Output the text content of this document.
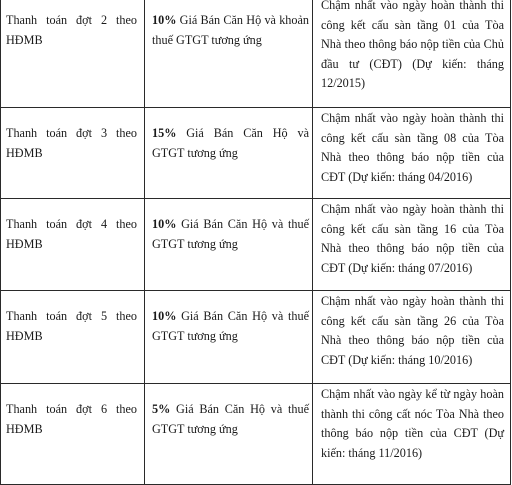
Thanh toán đợt 2 theo HĐMB	10% Giá Bán Căn Hộ và khoản thuế GTGT tương ứng	Chậm nhất vào ngày hoàn thành thi công kết cấu sàn tầng 01 của Tòa Nhà theo thông báo nộp tiền của Chủ đầu tư (CĐT) (Dự kiến: tháng 12/2015)

Thanh toán đợt 3 theo HĐMB	15% Giá Bán Căn Hộ và GTGT tương ứng	Chậm nhất vào ngày hoàn thành thi công kết cấu sàn tầng 08 của Tòa Nhà theo thông báo nộp tiền của CĐT (Dự kiến: tháng 04/2016)

Thanh toán đợt 4 theo HĐMB	10% Giá Bán Căn Hộ và thuế GTGT tương ứng	Chậm nhất vào ngày hoàn thành thi công kết cấu sàn tầng 16 của Tòa Nhà theo thông báo nộp tiền của CĐT (Dự kiến: tháng 07/2016)

Thanh toán đợt 5 theo HĐMB	10% Giá Bán Căn Hộ và thuế GTGT tương ứng	Chậm nhất vào ngày hoàn thành thi công kết cấu sàn tầng 26 của Tòa Nhà theo thông báo nộp tiền của CĐT (Dự kiến: tháng 10/2016)

Thanh toán đợt 6 theo HĐMB	5% Giá Bán Căn Hộ và thuế GTGT tương ứng	Chậm nhất vào ngày kể từ ngày hoàn thành thi công cất nóc Tòa Nhà theo thông báo nộp tiền của CĐT (Dự kiến: tháng 11/2016)
